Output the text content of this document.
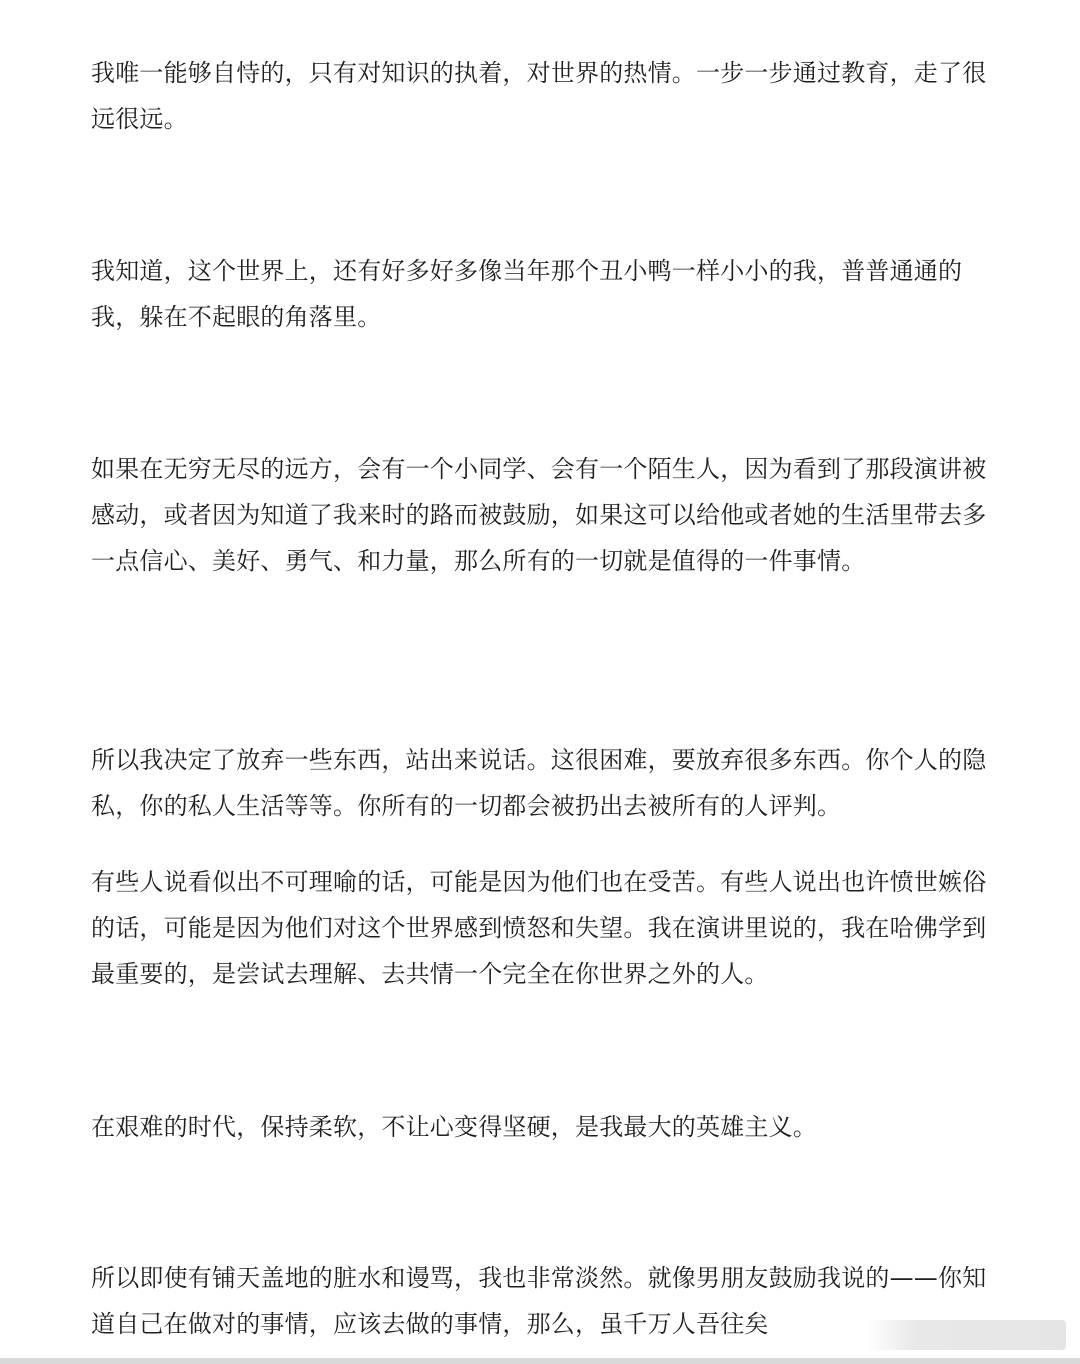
我唯一能够自恃的，只有对知识的执着，对世界的热情。一步一步通过教育，走了很远很远。

我知道，这个世界上，还有好多好多像当年那个丑小鸭一样小小的我，普普通通的我，躲在不起眼的角落里。

如果在无穷无尽的远方，会有一个小同学、会有一个陌生人，因为看到了那段演讲被感动，或者因为知道了我来时的路而被鼓励，如果这可以给他或者她的生活里带去多一点信心、美好、勇气、和力量，那么所有的一切就是值得的一件事情。

所以我决定了放弃一些东西，站出来说话。这很困难，要放弃很多东西。你个人的隐私，你的私人生活等等。你所有的一切都会被扔出去被所有的人评判。

有些人说看似出不可理喻的话，可能是因为他们也在受苦。有些人说出也许愤世嫉俗的话，可能是因为他们对这个世界感到愤怒和失望。我在演讲里说的，我在哈佛学到最重要的，是尝试去理解、去共情一个完全在你世界之外的人。

在艰难的时代，保持柔软，不让心变得坚硬，是我最大的英雄主义。

所以即使有铺天盖地的脏水和谩骂，我也非常淡然。就像男朋友鼓励我说的——你知道自己在做对的事情，应该去做的事情，那么，虽千万人吾往矣
